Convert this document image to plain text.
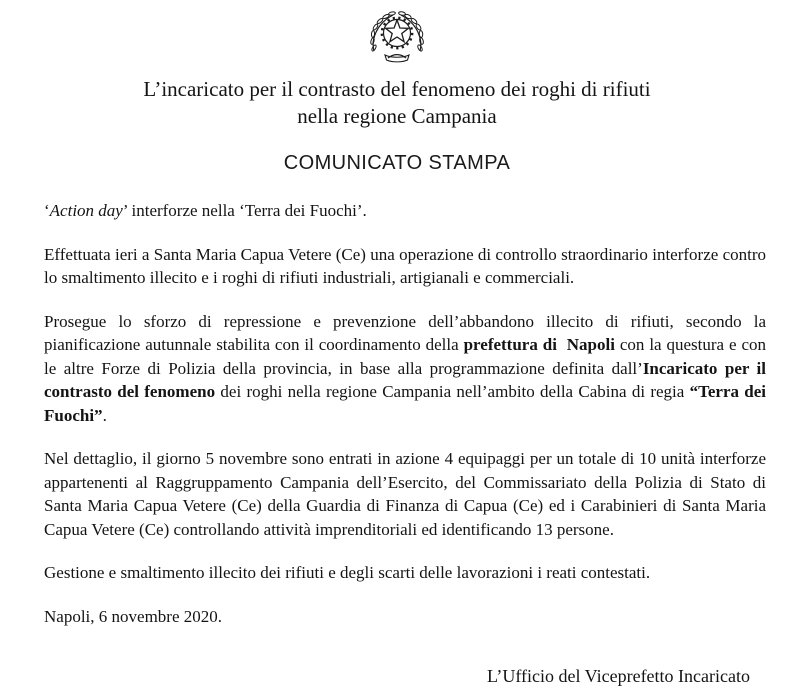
L’incaricato per il contrasto del fenomeno dei roghi di rifiuti
nella regione Campania
COMUNICATO STAMPA

‘Action day’ interforze nella ‘Terra dei Fuochi’.

Effettuata ieri a Santa Maria Capua Vetere (Ce) una operazione di controllo straordinario interforze contro lo smaltimento illecito e i roghi di rifiuti industriali, artigianali e commerciali.

Prosegue lo sforzo di repressione e prevenzione dell’abbandono illecito di rifiuti, secondo la pianificazione autunnale stabilita con il coordinamento della prefettura di  Napoli con la questura e con le altre Forze di Polizia della provincia, in base alla programmazione definita dall’Incaricato per il contrasto del fenomeno dei roghi nella regione Campania nell’ambito della Cabina di regia “Terra dei Fuochi”.

Nel dettaglio, il giorno 5 novembre sono entrati in azione 4 equipaggi per un totale di 10 unità interforze appartenenti al Raggruppamento Campania dell’Esercito, del Commissariato della Polizia di Stato di Santa Maria Capua Vetere (Ce) della Guardia di Finanza di Capua (Ce) ed i Carabinieri di Santa Maria Capua Vetere (Ce) controllando attività imprenditoriali ed identificando 13 persone.

Gestione e smaltimento illecito dei rifiuti e degli scarti delle lavorazioni i reati contestati.

Napoli, 6 novembre 2020.

L’Ufficio del Viceprefetto Incaricato
